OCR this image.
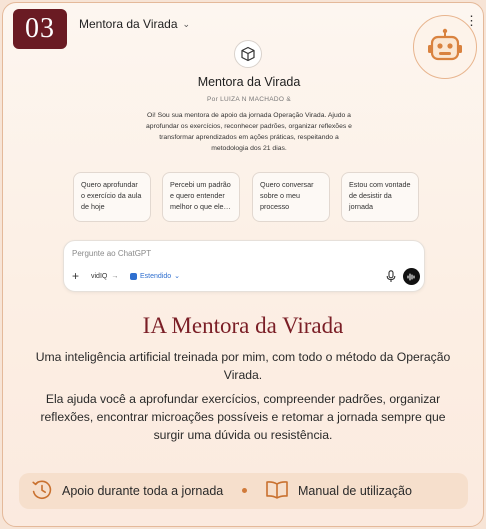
03	Mentora da Virada ⌄	⋮
Mentora da Virada
Por LUIZA N MACHADO &
Oi! Sou sua mentora de apoio da jornada Operação Virada. Ajudo a aprofundar os exercícios, reconhecer padrões, organizar reflexões e transformar aprendizados em ações práticas, respeitando a metodologia dos 21 dias.
Quero aprofundar o exercício da aula de hoje
Percebi um padrão e quero entender melhor o que ele…
Quero conversar sobre o meu processo
Estou com vontade de desistir da jornada
Pergunte ao ChatGPT
+ vidIQ →	Estendido ⌄
IA Mentora da Virada
Uma inteligência artificial treinada por mim, com todo o método da Operação Virada.
Ela ajuda você a aprofundar exercícios, compreender padrões, organizar reflexões, encontrar microações possíveis e retomar a jornada sempre que surgir uma dúvida ou resistência.
Apoio durante toda a jornada	Manual de utilização
